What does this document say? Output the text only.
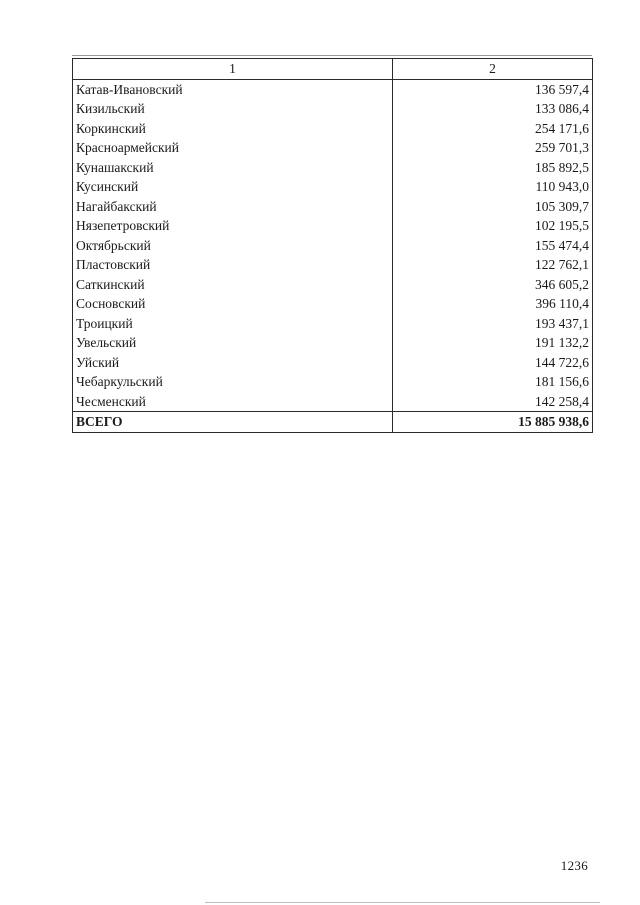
1	2
Катав-Ивановский	136 597,4
Кизильский	133 086,4
Коркинский	254 171,6
Красноармейский	259 701,3
Кунашакский	185 892,5
Кусинский	110 943,0
Нагайбакский	105 309,7
Нязепетровский	102 195,5
Октябрьский	155 474,4
Пластовский	122 762,1
Саткинский	346 605,2
Сосновский	396 110,4
Троицкий	193 437,1
Увельский	191 132,2
Уйский	144 722,6
Чебаркульский	181 156,6
Чесменский	142 258,4
ВСЕГО	15 885 938,6
1236
